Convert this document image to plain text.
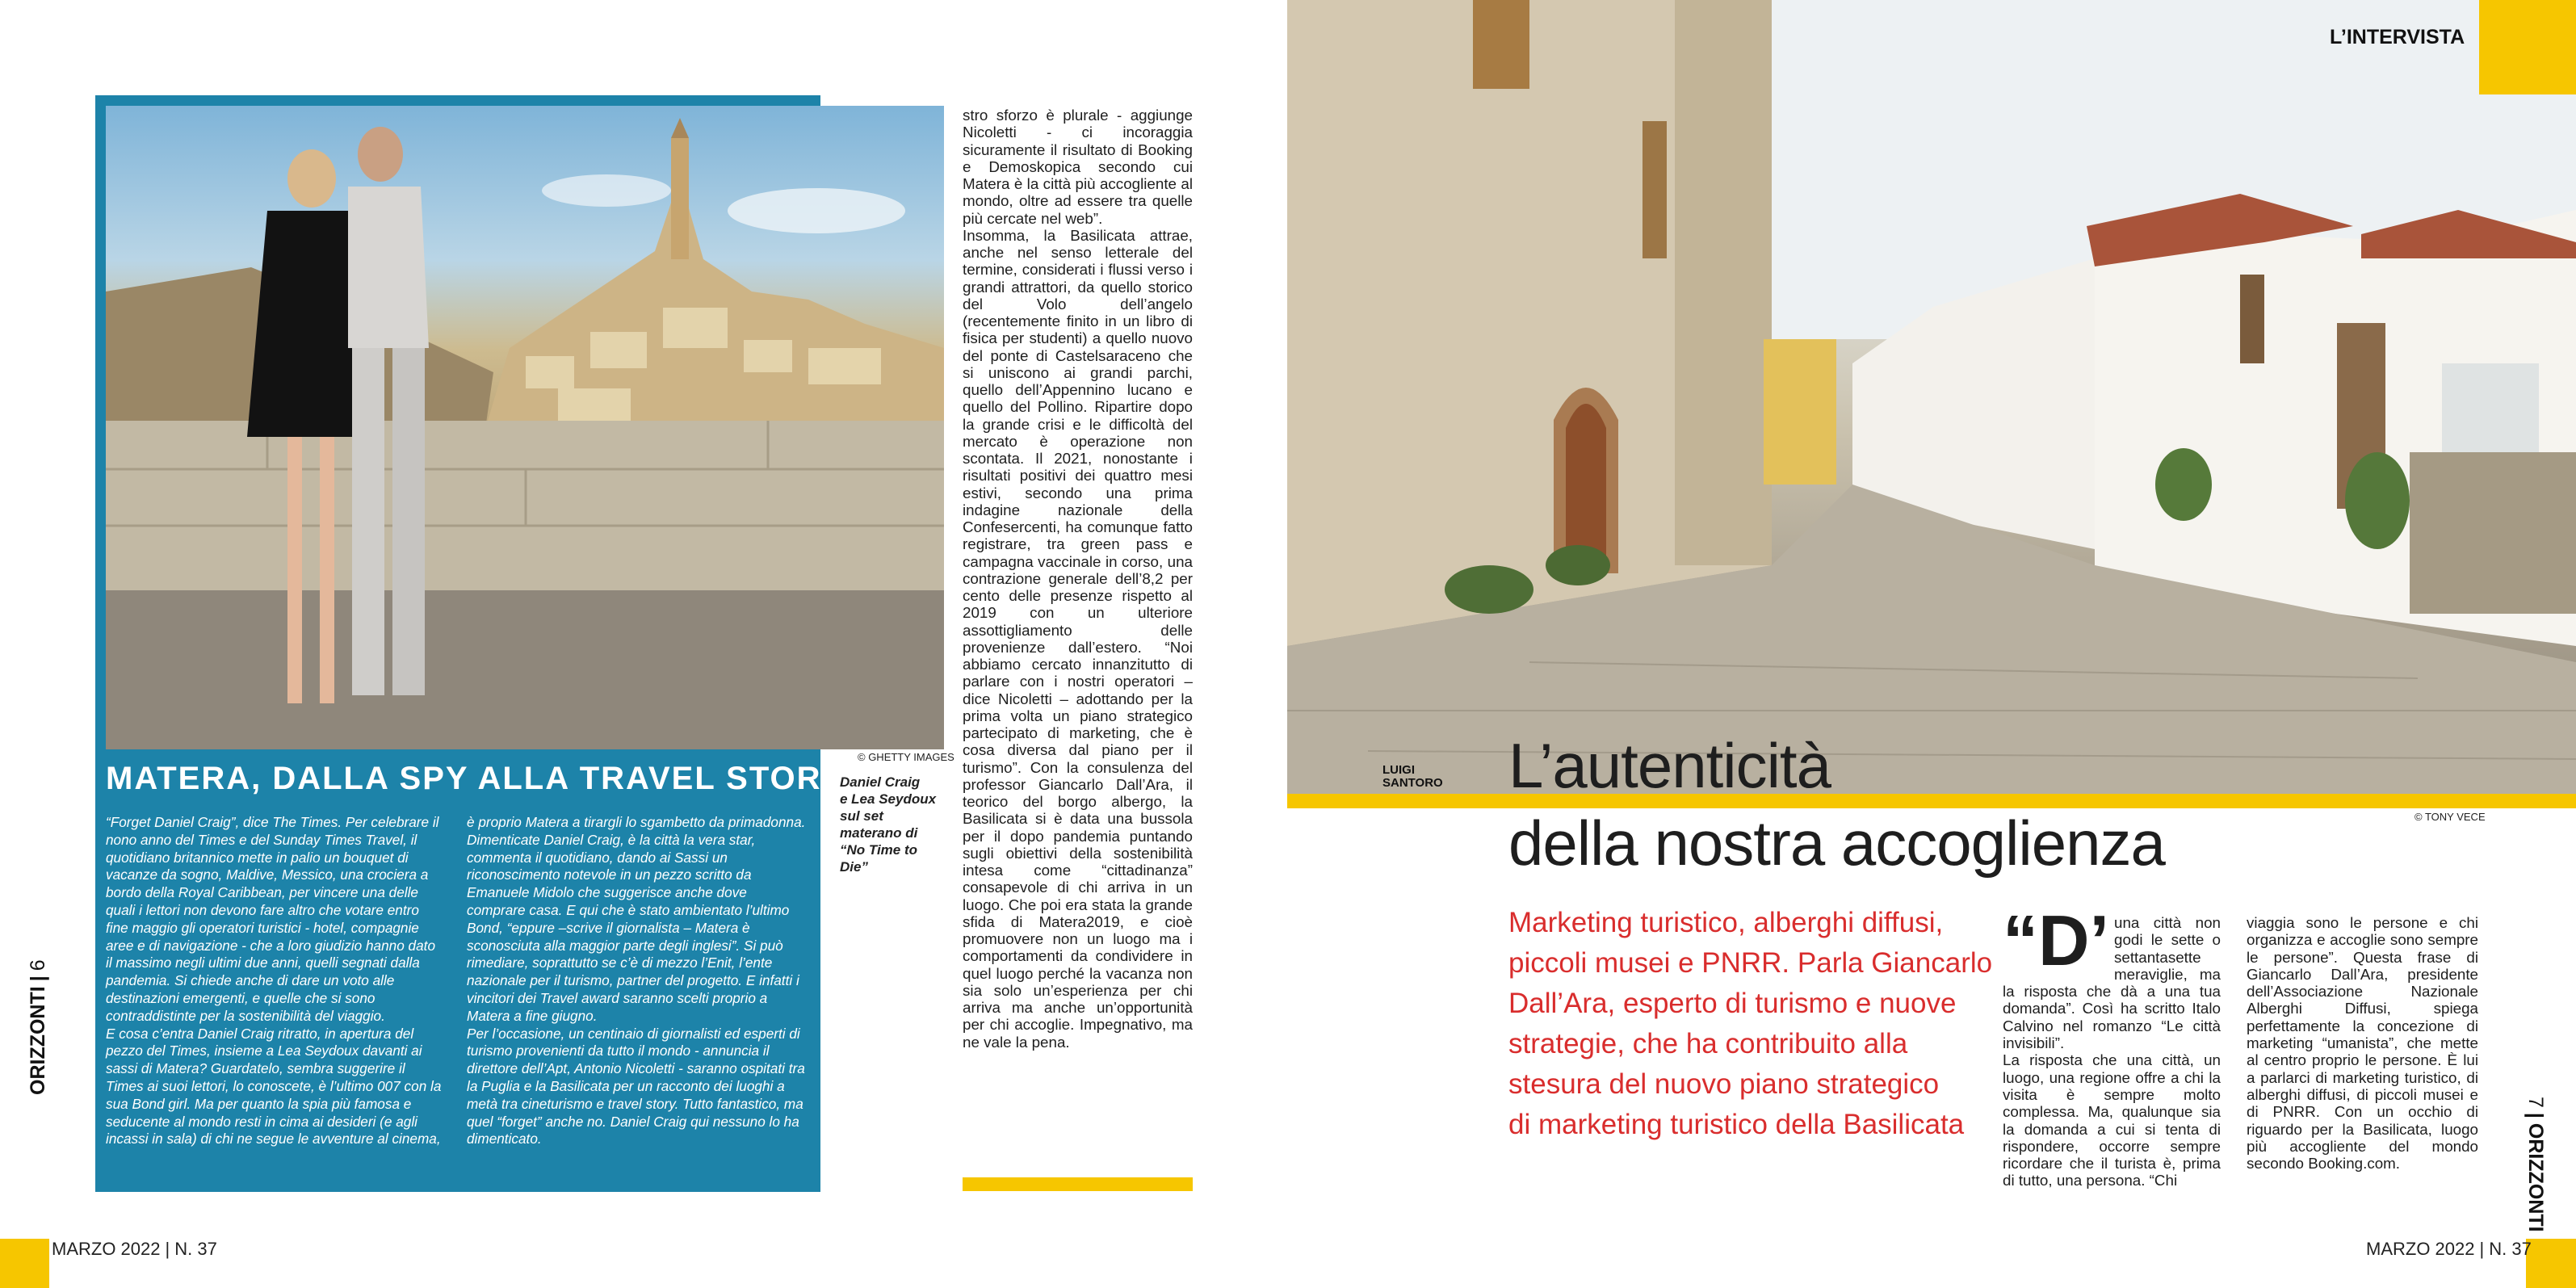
© GHETTY IMAGES
MATERA, DALLA SPY ALLA TRAVEL STORY

“Forget Daniel Craig”, dice The Times. Per celebrare il nono anno del Times e del Sunday Times Travel, il quotidiano britannico mette in palio un bouquet di vacanze da sogno, Maldive, Messico, una crociera a bordo della Royal Caribbean, per vincere una delle quali i lettori non devono fare altro che votare entro fine maggio gli operatori turistici - hotel, compagnie aree e di navigazione - che a loro giudizio hanno dato il massimo negli ultimi due anni, quelli segnati dalla pandemia. Si chiede anche di dare un voto alle destinazioni emergenti, e quelle che si sono contraddistinte per la sostenibilità del viaggio.

E cosa c’entra Daniel Craig ritratto, in apertura del pezzo del Times, insieme a Lea Seydoux davanti ai sassi di Matera? Guardatelo, sembra suggerire il Times ai suoi lettori, lo conoscete, è l’ultimo 007 con la sua Bond girl. Ma per quanto la spia più famosa e seducente al mondo resti in cima ai desideri (e agli incassi in sala) di chi ne segue le avventure al cinema,

è proprio Matera a tirargli lo sgambetto da primadonna. Dimenticate Daniel Craig, è la città la vera star, commenta il quotidiano, dando ai Sassi un riconoscimento notevole in un pezzo scritto da Emanuele Midolo che suggerisce anche dove comprare casa. E qui che è stato ambientato l’ultimo Bond, “eppure –scrive il giornalista – Matera è sconosciuta alla maggior parte degli inglesi”. Si può rimediare, soprattutto se c’è di mezzo l’Enit, l’ente nazionale per il turismo, partner del progetto. E infatti i vincitori dei Travel award saranno scelti proprio a Matera a fine giugno.

Per l’occasione, un centinaio di giornalisti ed esperti di turismo provenienti da tutto il mondo - annuncia il direttore dell’Apt, Antonio Nicoletti - saranno ospitati tra la Puglia e la Basilicata per un racconto dei luoghi a metà tra cineturismo e travel story. Tutto fantastico, ma quel “forget” anche no. Daniel Craig qui nessuno lo ha dimenticato.

Daniel Craig
e Lea Seydoux
sul set
materano di
“No Time to Die”

stro sforzo è plurale - aggiunge Nicoletti - ci incoraggia sicuramente il risultato di Booking e Demoskopica secondo cui Matera è la città più accogliente al mondo, oltre ad essere tra quelle più cercate nel web”.

Insomma, la Basilicata attrae, anche nel senso letterale del termine, considerati i flussi verso i grandi attrattori, da quello storico del Volo dell’angelo (recentemente finito in un libro di fisica per studenti) a quello nuovo del ponte di Castelsaraceno che si uniscono ai grandi parchi, quello dell’Appennino lucano e quello del Pollino. Ripartire dopo la grande crisi e le difficoltà del mercato è operazione non scontata. Il 2021, nonostante i risultati positivi dei quattro mesi estivi, secondo una prima indagine nazionale della Confesercenti, ha comunque fatto registrare, tra green pass e campagna vaccinale in corso, una contrazione generale dell’8,2 per cento delle presenze rispetto al 2019 con un ulteriore assottigliamento delle provenienze dall’estero. “Noi abbiamo cercato innanzitutto di parlare con i nostri operatori – dice Nicoletti – adottando per la prima volta un piano strategico partecipato di marketing, che è cosa diversa dal piano per il turismo”. Con la consulenza del professor Giancarlo Dall’Ara, il teorico del borgo albergo, la Basilicata si è data una bussola per il dopo pandemia puntando sugli obiettivi della sostenibilità intesa come “cittadinanza” consapevole di chi arriva in un luogo. Che poi era stata la grande sfida di Matera2019, e cioè promuovere non un luogo ma i comportamenti da condividere in quel luogo perché la vacanza non sia solo un’esperienza per chi arriva ma anche un’opportunità per chi accoglie. Impegnativo, ma ne vale la pena.

ORIZZONTI|6
MARZO 2022 | N. 37
L’INTERVISTA
LUIGI
SANTORO
© TONY VECE
L’autenticità
della nostra accoglienza
Marketing turistico, alberghi diffusi,
piccoli musei e PNRR. Parla Giancarlo
Dall’Ara, esperto di turismo e nuove
strategie, che ha contribuito alla
stesura del nuovo piano strategico
di marketing turistico della Basilicata

“D’ una città non godi le sette o settantasette meraviglie, ma la risposta che dà a una tua domanda”. Così ha scritto Italo Calvino nel romanzo “Le città invisibili”.

La risposta che una città, un luogo, una regione offre a chi la visita è sempre molto complessa. Ma, qualunque sia la domanda a cui si tenta di rispondere, occorre sempre ricordare che il turista è, prima di tutto, una persona. “Chi

viaggia sono le persone e chi organizza e accoglie sono sempre le persone”. Questa frase di Giancarlo Dall’Ara, presidente dell’Associazione Nazionale Alberghi Diffusi, spiega perfettamente la concezione di marketing “umanista”, che mette al centro proprio le persone. È lui a parlarci di marketing turistico, di alberghi diffusi, di piccoli musei e di PNRR. Con un occhio di riguardo per la Basilicata, luogo più accogliente del mondo secondo Booking.com.

7|ORIZZONTI
MARZO 2022 | N. 37
